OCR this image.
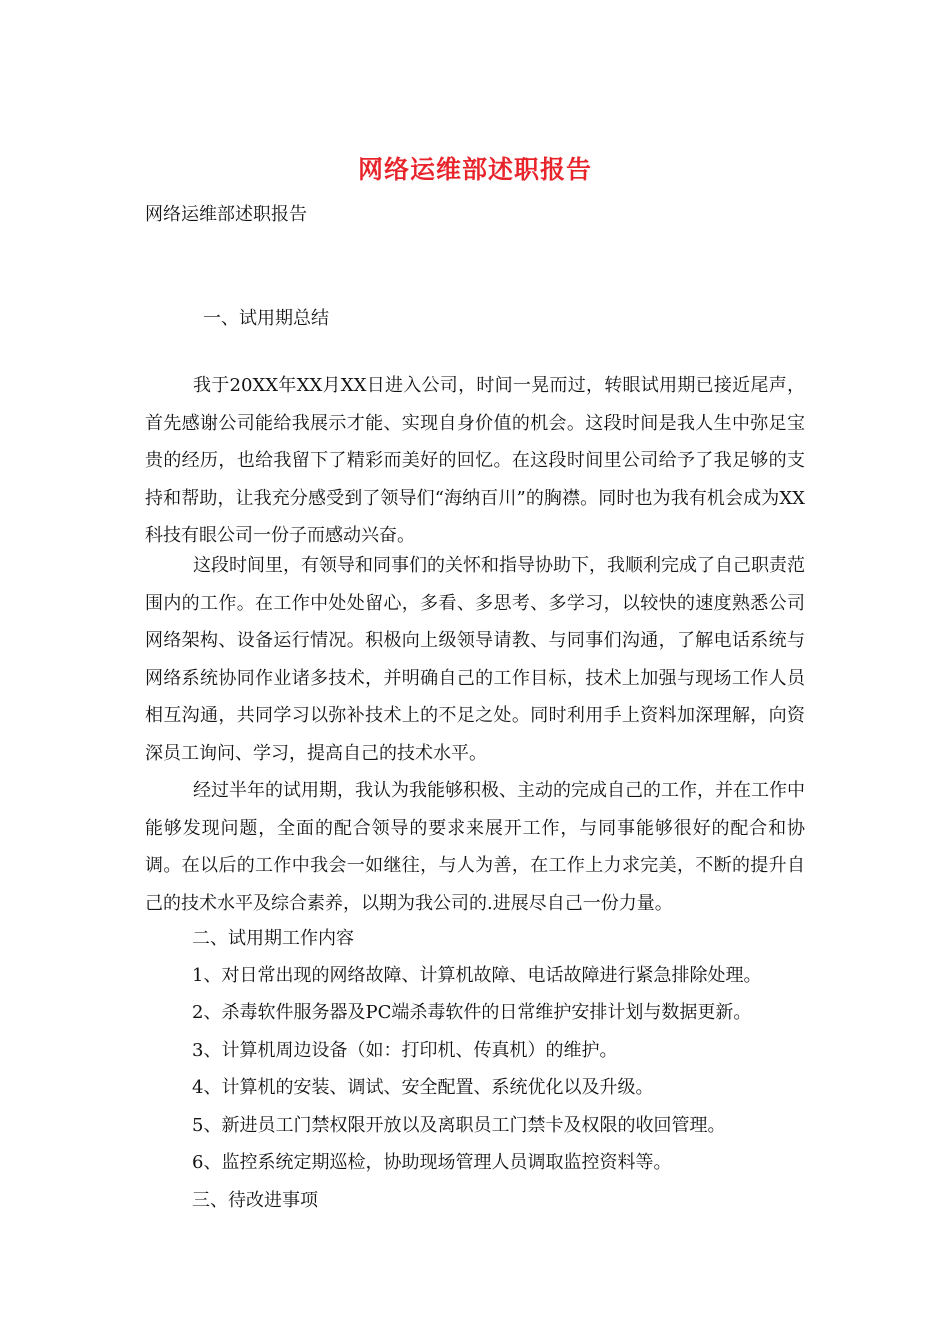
网络运维部述职报告
网络运维部述职报告
一、试用期总结
我于20XX年XX月XX日进入公司，时间一晃而过，转眼试用期已接近尾声，首先感谢公司能给我展示才能、实现自身价值的机会。这段时间是我人生中弥足宝贵的经历，也给我留下了精彩而美好的回忆。在这段时间里公司给予了我足够的支持和帮助，让我充分感受到了领导们“海纳百川”的胸襟。同时也为我有机会成为XX科技有眼公司一份子而感动兴奋。
这段时间里，有领导和同事们的关怀和指导协助下，我顺利完成了自己职责范围内的工作。在工作中处处留心，多看、多思考、多学习，以较快的速度熟悉公司网络架构、设备运行情况。积极向上级领导请教、与同事们沟通，了解电话系统与网络系统协同作业诸多技术，并明确自己的工作目标，技术上加强与现场工作人员相互沟通，共同学习以弥补技术上的不足之处。同时利用手上资料加深理解，向资深员工询问、学习，提高自己的技术水平。
经过半年的试用期，我认为我能够积极、主动的完成自己的工作，并在工作中能够发现问题，全面的配合领导的要求来展开工作，与同事能够很好的配合和协调。在以后的工作中我会一如继往，与人为善，在工作上力求完美，不断的提升自己的技术水平及综合素养，以期为我公司的.进展尽自己一份力量。
二、试用期工作内容
1、对日常出现的网络故障、计算机故障、电话故障进行紧急排除处理。
2、杀毒软件服务器及PC端杀毒软件的日常维护安排计划与数据更新。
3、计算机周边设备（如：打印机、传真机）的维护。
4、计算机的安装、调试、安全配置、系统优化以及升级。
5、新进员工门禁权限开放以及离职员工门禁卡及权限的收回管理。
6、监控系统定期巡检，协助现场管理人员调取监控资料等。
三、待改进事项
